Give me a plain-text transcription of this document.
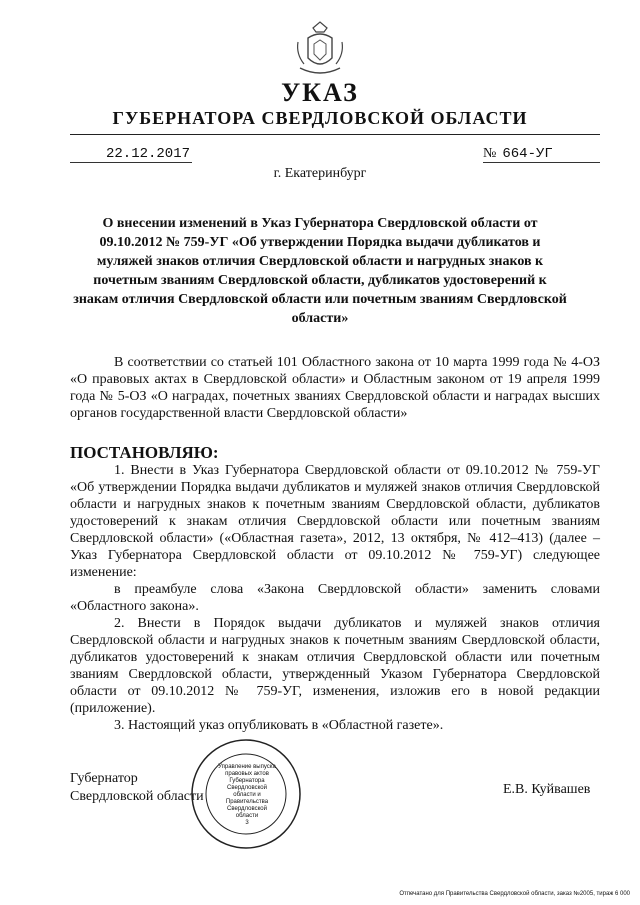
УКАЗ
ГУБЕРНАТОРА СВЕРДЛОВСКОЙ ОБЛАСТИ
22.12.2017	№ 664-УГ
г. Екатеринбург
О внесении изменений в Указ Губернатора Свердловской области от 09.10.2012 № 759-УГ «Об утверждении Порядка выдачи дубликатов и муляжей знаков отличия Свердловской области и нагрудных знаков к почетным званиям Свердловской области, дубликатов удостоверений к знакам отличия Свердловской области или почетным званиям Свердловской области»
В соответствии со статьей 101 Областного закона от 10 марта 1999 года № 4-ОЗ «О правовых актах в Свердловской области» и Областным законом от 19 апреля 1999 года № 5-ОЗ «О наградах, почетных званиях Свердловской области и наградах высших органов государственной власти Свердловской области»
ПОСТАНОВЛЯЮ:

1. Внести в Указ Губернатора Свердловской области от 09.10.2012 № 759-УГ «Об утверждении Порядка выдачи дубликатов и муляжей знаков отличия Свердловской области и нагрудных знаков к почетным званиям Свердловской области, дубликатов удостоверений к знакам отличия Свердловской области или почетным званиям Свердловской области» («Областная газета», 2012, 13 октября, № 412–413) (далее – Указ Губернатора Свердловской области от 09.10.2012 № 759-УГ) следующее изменение:

в преамбуле слова «Закона Свердловской области» заменить словами «Областного закона».

2. Внести в Порядок выдачи дубликатов и муляжей знаков отличия Свердловской области и нагрудных знаков к почетным званиям Свердловской области, дубликатов удостоверений к знакам отличия Свердловской области или почетным званиям Свердловской области, утвержденный Указом Губернатора Свердловской области от 09.10.2012 № 759-УГ, изменения, изложив его в новой редакции (приложение).

3. Настоящий указ опубликовать в «Областной газете».

Губернатор
Свердловской области	Е.В. Куйвашев
Управление выпуска правовых актов Губернатора Свердловской области и Правительства Свердловской области
3
Отпечатано для Правительства Свердловской области, заказ №2005, тираж 6 000
